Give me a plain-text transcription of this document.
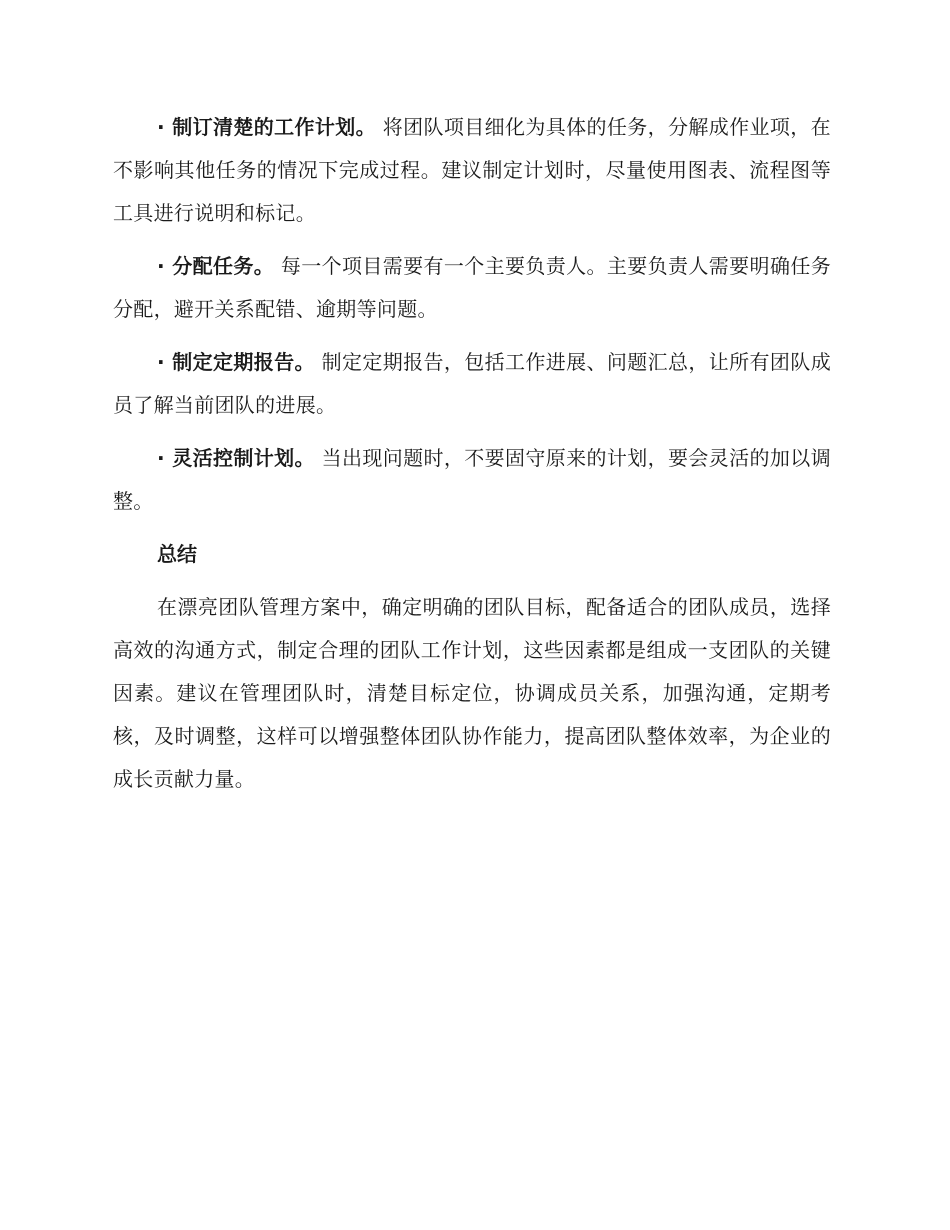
· 制订清楚的工作计划。 将团队项目细化为具体的任务，分解成作业项，在不影响其他任务的情况下完成过程。建议制定计划时，尽量使用图表、流程图等工具进行说明和标记。

· 分配任务。 每一个项目需要有一个主要负责人。主要负责人需要明确任务分配，避开关系配错、逾期等问题。

· 制定定期报告。 制定定期报告，包括工作进展、问题汇总，让所有团队成员了解当前团队的进展。

· 灵活控制计划。 当出现问题时，不要固守原来的计划，要会灵活的加以调整。

总结

在漂亮团队管理方案中，确定明确的团队目标，配备适合的团队成员，选择高效的沟通方式，制定合理的团队工作计划，这些因素都是组成一支团队的关键因素。建议在管理团队时，清楚目标定位，协调成员关系，加强沟通，定期考核，及时调整，这样可以增强整体团队协作能力，提高团队整体效率，为企业的成长贡献力量。
